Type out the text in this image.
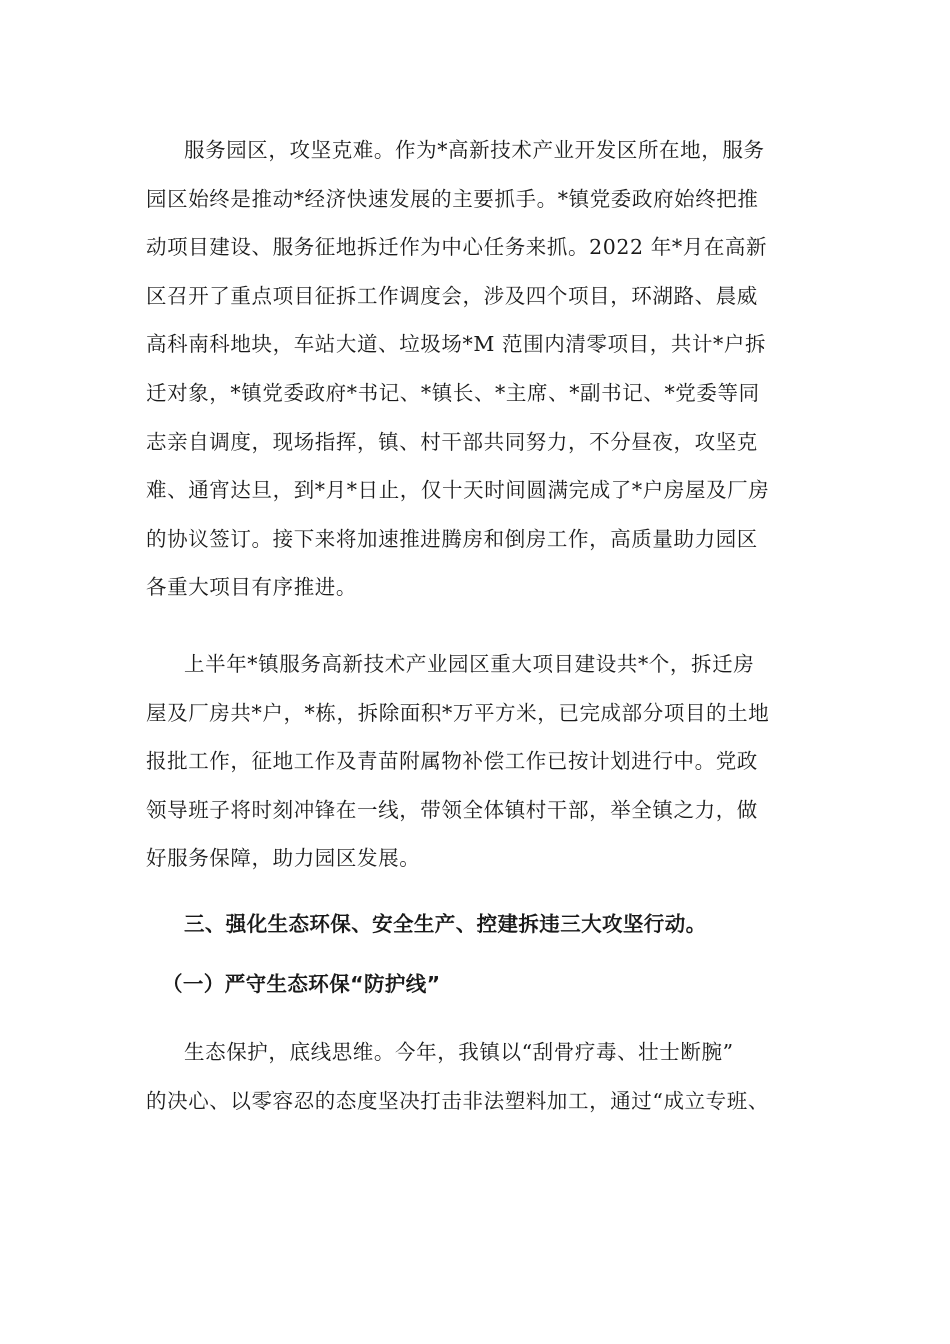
服务园区，攻坚克难。作为*高新技术产业开发区所在地，服务
园区始终是推动*经济快速发展的主要抓手。*镇党委政府始终把推
动项目建设、服务征地拆迁作为中心任务来抓。2022 年*月在高新
区召开了重点项目征拆工作调度会，涉及四个项目，环湖路、晨威
高科南科地块，车站大道、垃圾场*M 范围内清零项目，共计*户拆
迁对象，*镇党委政府*书记、*镇长、*主席、*副书记、*党委等同
志亲自调度，现场指挥，镇、村干部共同努力，不分昼夜，攻坚克
难、通宵达旦，到*月*日止，仅十天时间圆满完成了*户房屋及厂房
的协议签订。接下来将加速推进腾房和倒房工作，高质量助力园区
各重大项目有序推进。
上半年*镇服务高新技术产业园区重大项目建设共*个，拆迁房
屋及厂房共*户，*栋，拆除面积*万平方米，已完成部分项目的土地
报批工作，征地工作及青苗附属物补偿工作已按计划进行中。党政
领导班子将时刻冲锋在一线，带领全体镇村干部，举全镇之力，做
好服务保障，助力园区发展。
三、强化生态环保、安全生产、控建拆违三大攻坚行动。
（一）严守生态环保“防护线”
生态保护，底线思维。今年，我镇以“刮骨疗毒、壮士断腕”
的决心、以零容忍的态度坚决打击非法塑料加工，通过“成立专班、
